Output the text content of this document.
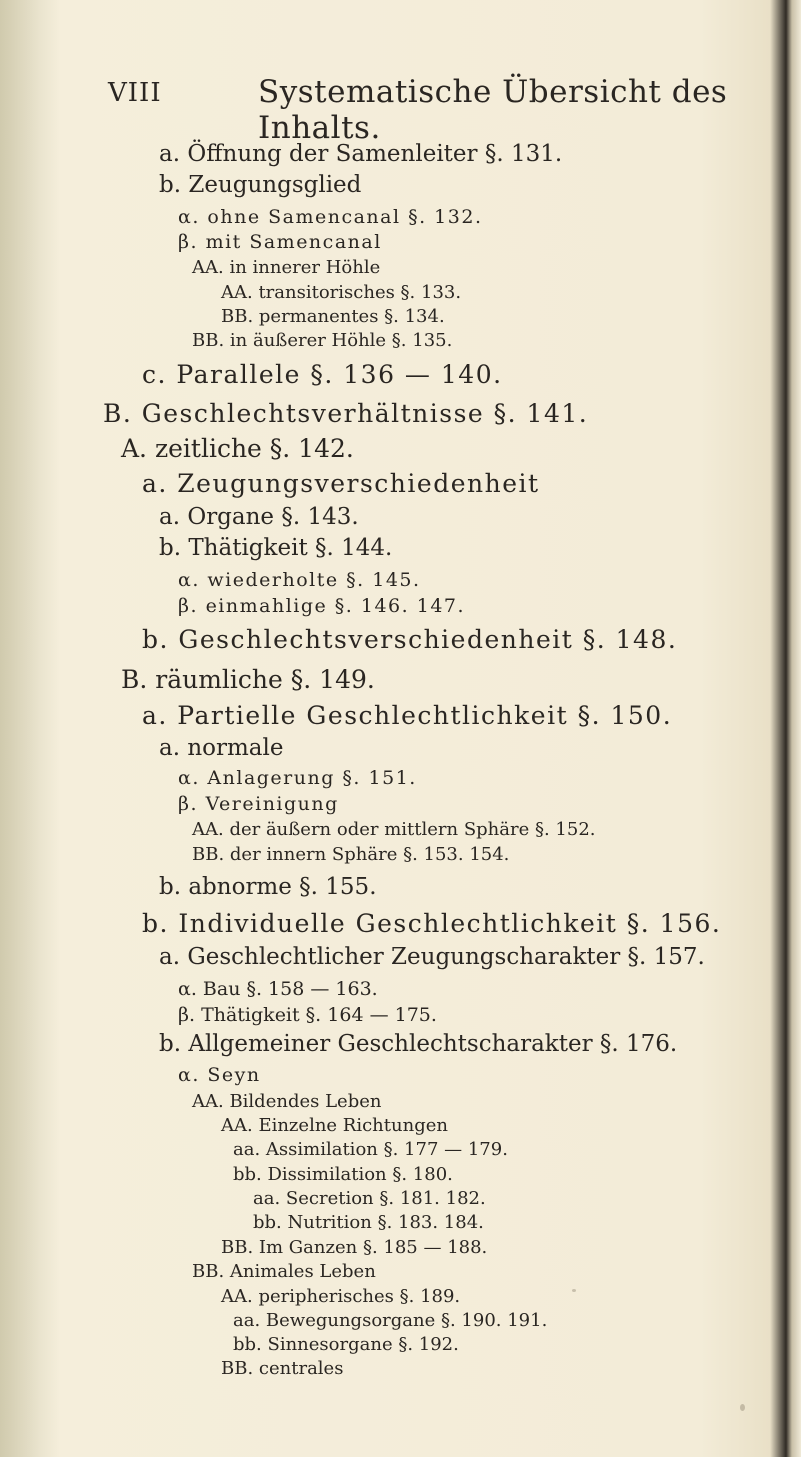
VIII	Systematische Übersicht des Inhalts.
a. Öffnung der Samenleiter §. 131.
b. Zeugungsglied
α. ohne Samencanal §. 132.
β. mit Samencanal
AA. in innerer Höhle
AA. transitorisches §. 133.
BB. permanentes §. 134.
BB. in äußerer Höhle §. 135.
c. Parallele §. 136 — 140.
B. Geschlechtsverhältnisse §. 141.
A. zeitliche §. 142.
a. Zeugungsverschiedenheit
a. Organe §. 143.
b. Thätigkeit §. 144.
α. wiederholte §. 145.
β. einmahlige §. 146. 147.
b. Geschlechtsverschiedenheit §. 148.
B. räumliche §. 149.
a. Partielle Geschlechtlichkeit §. 150.
a. normale
α. Anlagerung §. 151.
β. Vereinigung
AA. der äußern oder mittlern Sphäre §. 152.
BB. der innern Sphäre §. 153. 154.
b. abnorme §. 155.
b. Individuelle Geschlechtlichkeit §. 156.
a. Geschlechtlicher Zeugungscharakter §. 157.
α. Bau §. 158 — 163.
β. Thätigkeit §. 164 — 175.
b. Allgemeiner Geschlechtscharakter §. 176.
α. Seyn
AA. Bildendes Leben
AA. Einzelne Richtungen
aa. Assimilation §. 177 — 179.
bb. Dissimilation §. 180.
aa. Secretion §. 181. 182.
bb. Nutrition §. 183. 184.
BB. Im Ganzen §. 185 — 188.
BB. Animales Leben
AA. peripherisches §. 189.
aa. Bewegungsorgane §. 190. 191.
bb. Sinnesorgane §. 192.
BB. centrales
